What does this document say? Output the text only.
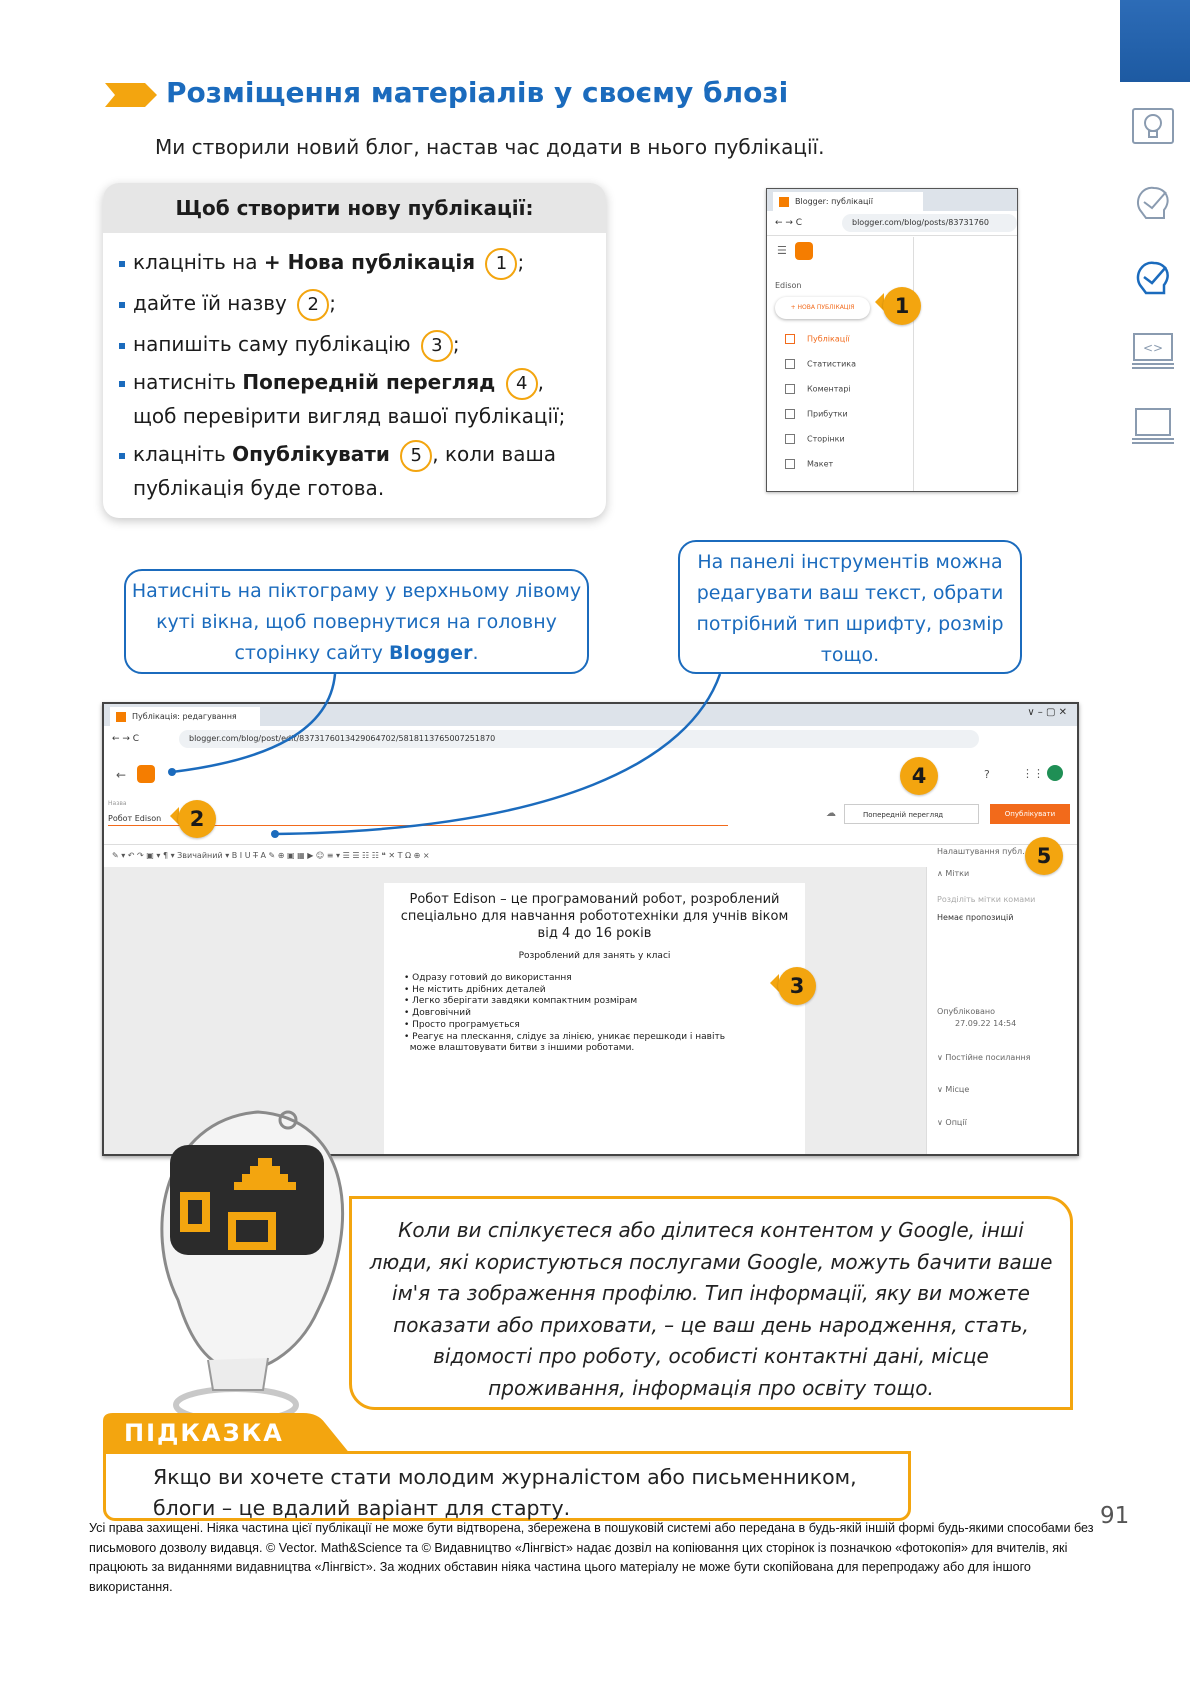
<>
Розміщення матеріалів у своєму блозі
Ми створили новий блог, настав час додати в нього публікації.
Щоб створити нову публікації:
клацніть на + Нова публікація 1 ;
дайте їй назву 2 ;
напишіть саму публікацію 3 ;
натисніть Попередній перегляд 4 ,
щоб перевірити вигляд вашої публікації;
клацніть Опублікувати 5 , коли ваша
публікація буде готова.
Blogger: публікації
← → C	blogger.com/blog/posts/83731760
☰
Edison
+ НОВА ПУБЛІКАЦІЯ
Публікації
Статистика
Коментарі
Прибутки
Сторінки
Макет
1
Натисніть на піктограму у верхньому лівому куті вікна, щоб повернутися на головну сторінку сайту Blogger.
На панелі інструментів можна редагувати ваш текст, обрати потрібний тип шрифту, розмір тощо.
Публікація: редагування	∨ – ▢ ✕
← → C	blogger.com/blog/post/edit/8373176013429064702/5818113765007251870
←	?	⋮⋮
Назва
Робот Edison	☁	Попередній перегляд	Опублікувати
✎ ▾ ↶ ↷ ▣ ▾ ¶ ▾ Звичайний ▾ B I U T̶ A ✎ ⊕ ▣ ▦ ▶ ☺ ≡ ▾ ☰ ☰ ☷ ☷ ❝ ✕ T Ω ⊕ ⨯
Робот Edison – це програмований робот, розроблений спеціально для навчання робототехніки для учнів віком від 4 до 16 років
Розроблений для занять у класі
• Одразу готовий до використання
• Не містить дрібних деталей
• Легко зберігати завдяки компактним розмірам
• Довговічний
• Просто програмується
• Реагує на плескання, слідує за лінією, уникає перешкоди і навіть
може влаштовувати битви з іншими роботами.
Налаштування публ.
∧ Мітки
Розділіть мітки комами
Немає пропозицій
Опубліковано
27.09.22 14:54
∨ Постійне посилання
∨ Місце
∨ Опції
2
3
4
5
Коли ви спілкуєтеся або ділитеся контентом у Google, інші люди, які користуються послугами Google, можуть бачити ваше ім'я та зображення профілю. Тип інформації, яку ви можете показати або приховати, – це ваш день народження, стать, відомості про роботу, особисті контактні дані, місце проживання, інформація про освіту тощо.
ПІДКАЗКА
Якщо ви хочете стати молодим журналістом або письменником,
блоги – це вдалий варіант для старту.	91
Усі права захищені. Ніяка частина цієї публікації не може бути відтворена, збережена в пошуковій системі або передана в будь-якій іншій формі будь-якими способами без письмового дозволу видавця. © Vector. Math&Science та © Видавництво «Лінгвіст» надає дозвіл на копіювання цих сторінок із позначкою «фотокопія» для вчителів, які працюють за виданнями видавництва «Лінгвіст». За жодних обставин ніяка частина цього матеріалу не може бути скопійована для перепродажу або для іншого використання.
